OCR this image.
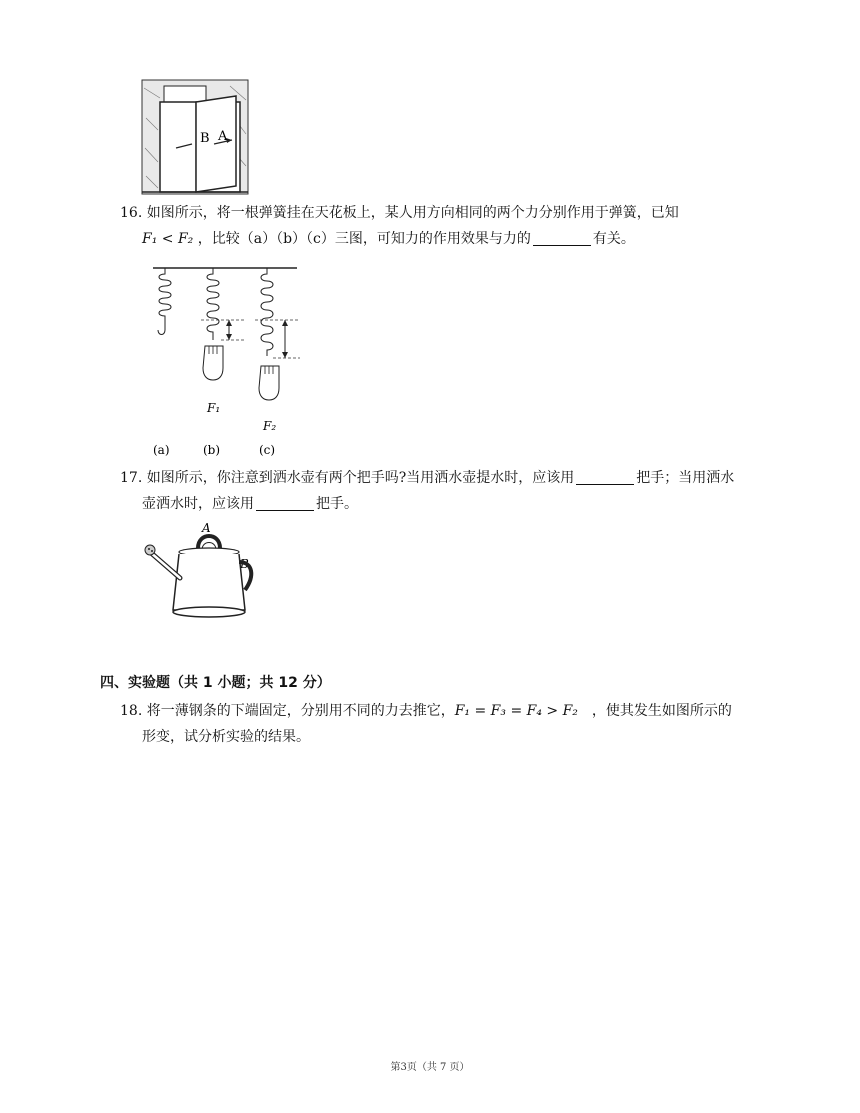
B A
16. 如图所示，将一根弹簧挂在天花板上，某人用方向相同的两个力分别作用于弹簧，已知
F₁ < F₂ ，比较（a）（b）（c）三图，可知力的作用效果与力的	有关。
F₁
F₂
(a)	(b)	(c)
17. 如图所示，你注意到洒水壶有两个把手吗?当用洒水壶提水时，应该用	把手；当用洒水
壶洒水时，应该用	把手。
A
B
四、实验题（共 1 小题；共 12 分）
18. 将一薄钢条的下端固定，分别用不同的力去推它，F₁ = F₃ = F₄ > F₂ ，使其发生如图所示的
形变，试分析实验的结果。
第3页（共 7 页）
